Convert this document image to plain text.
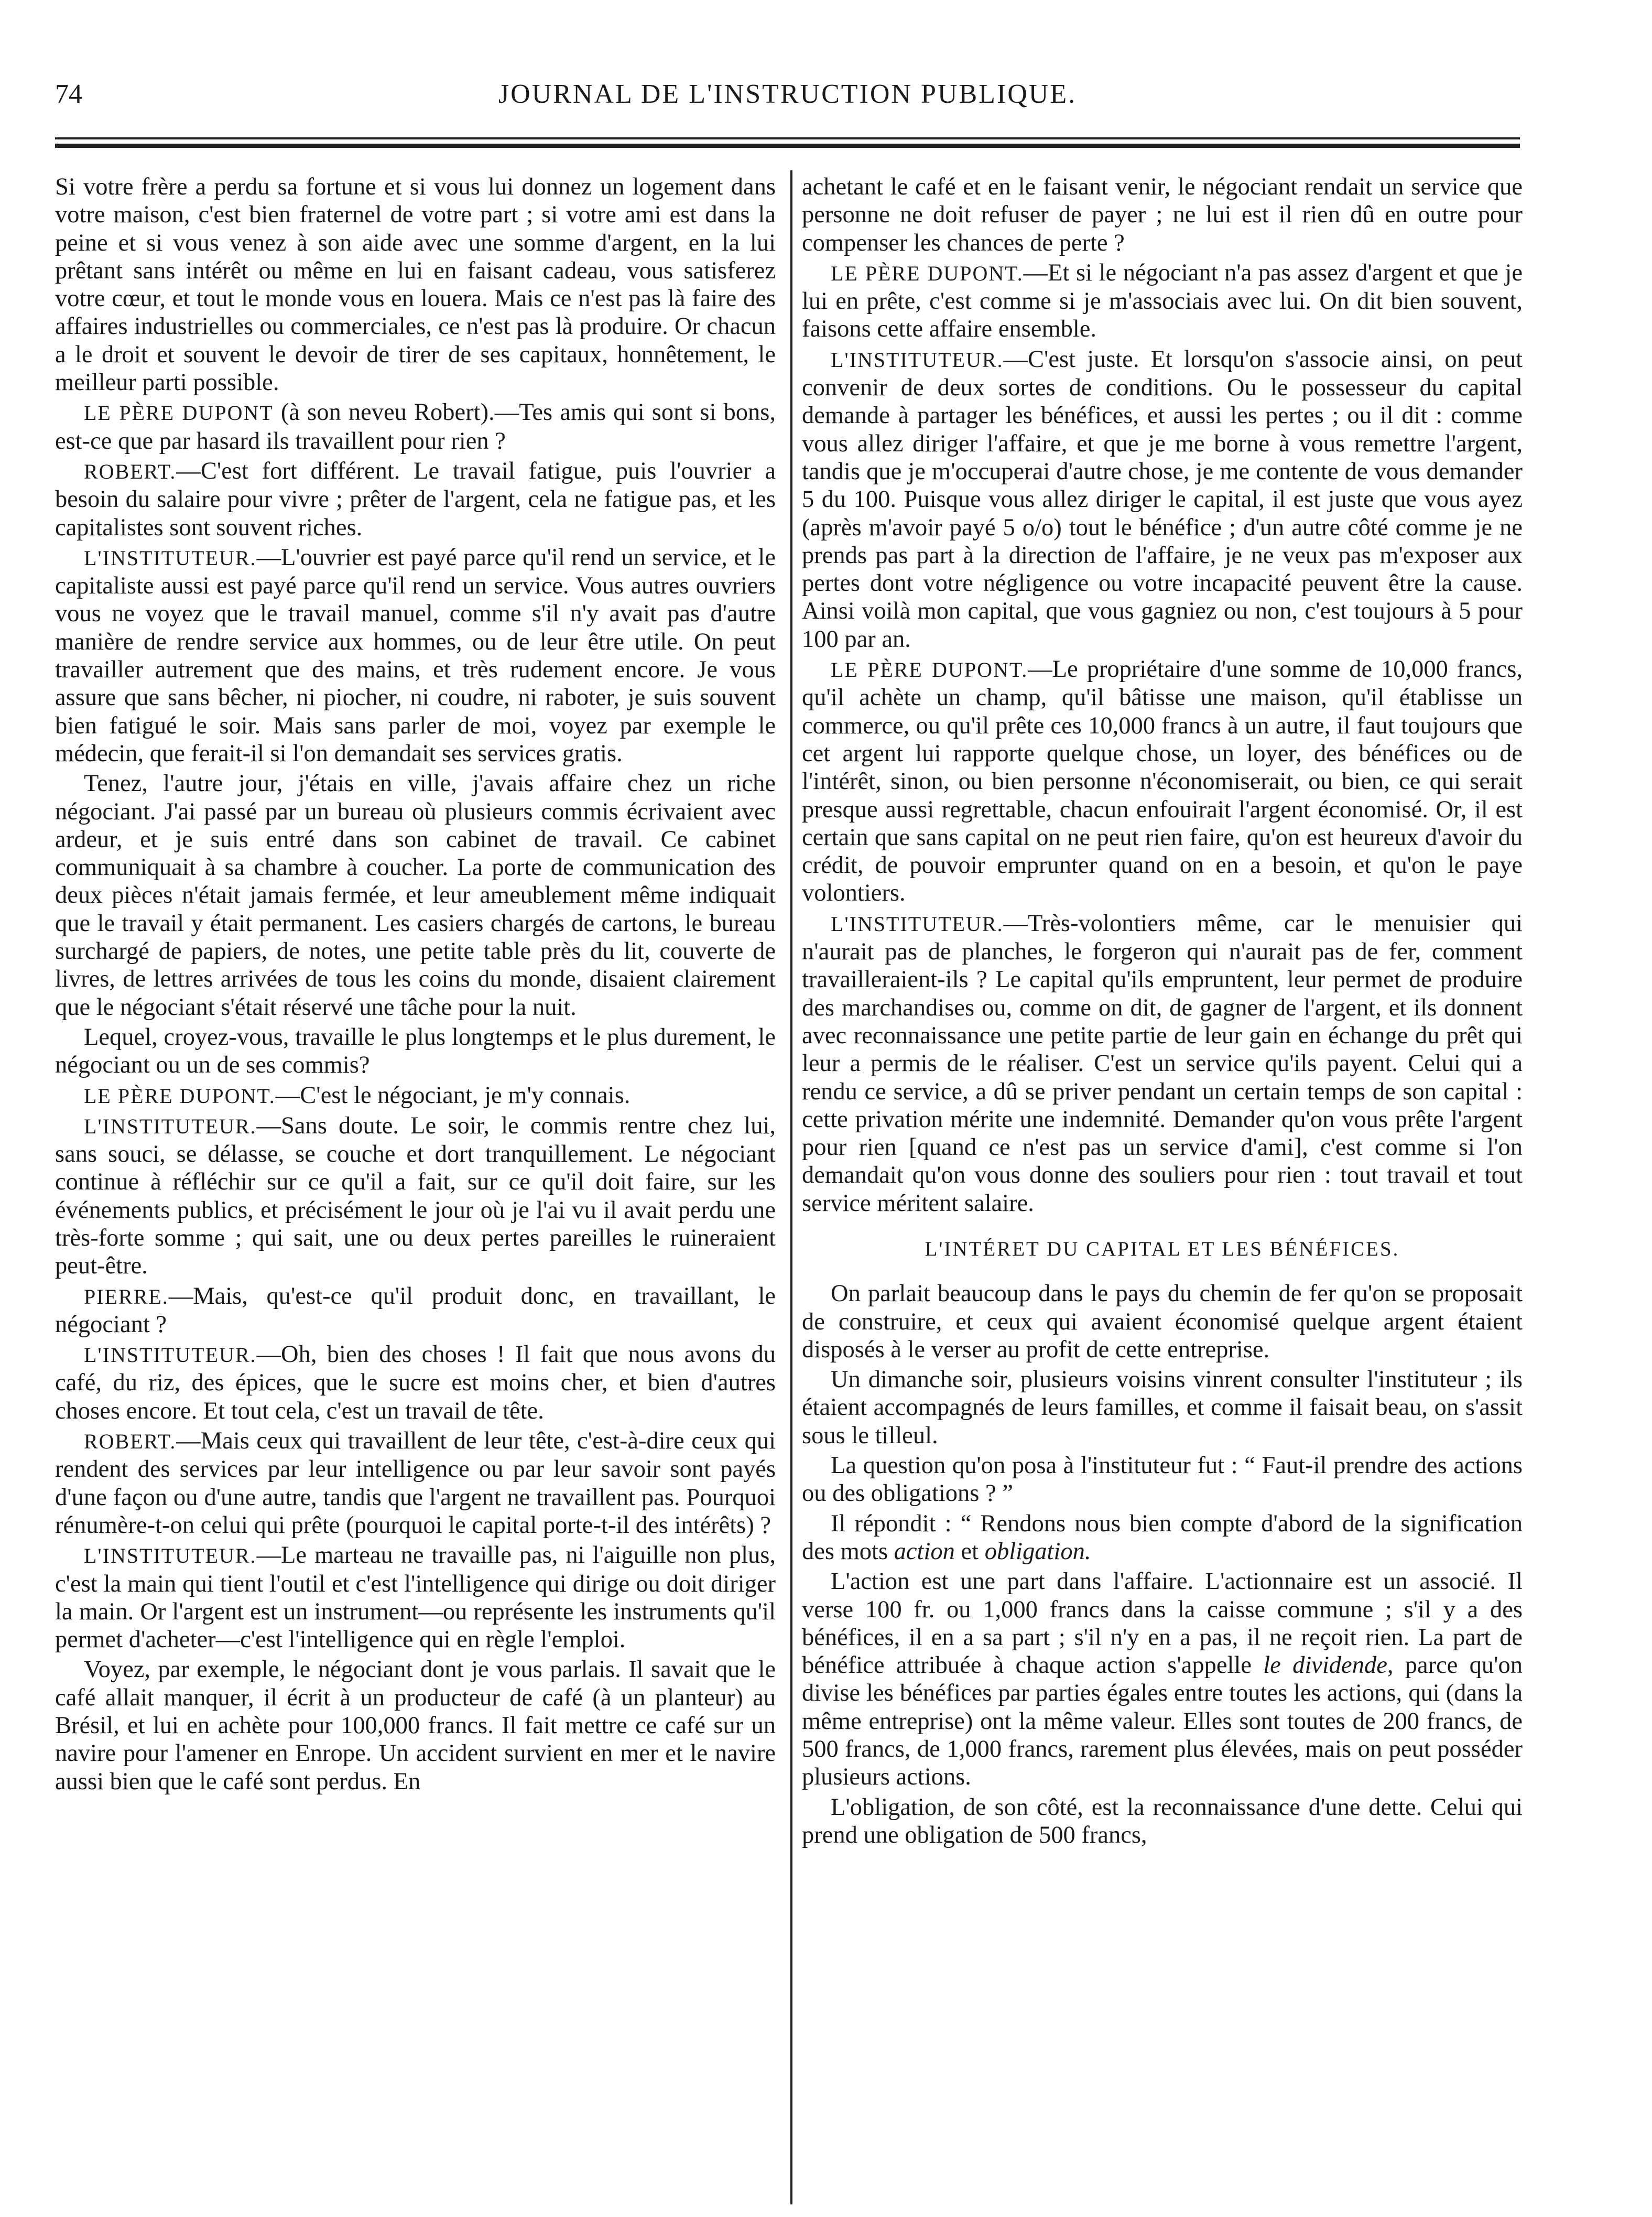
74	JOURNAL DE L'INSTRUCTION PUBLIQUE.

Si votre frère a perdu sa fortune et si vous lui donnez un logement dans votre maison, c'est bien fraternel de votre part ; si votre ami est dans la peine et si vous venez à son aide avec une somme d'argent, en la lui prêtant sans intérêt ou même en lui en faisant cadeau, vous satisferez votre cœur, et tout le monde vous en louera. Mais ce n'est pas là faire des affaires industrielles ou commerciales, ce n'est pas là produire. Or chacun a le droit et souvent le devoir de tirer de ses capitaux, honnêtement, le meilleur parti possible.

LE PÈRE DUPONT (à son neveu Robert).—Tes amis qui sont si bons, est-ce que par hasard ils travaillent pour rien ?

ROBERT.—C'est fort différent. Le travail fatigue, puis l'ouvrier a besoin du salaire pour vivre ; prêter de l'argent, cela ne fatigue pas, et les capitalistes sont souvent riches.

L'INSTITUTEUR.—L'ouvrier est payé parce qu'il rend un service, et le capitaliste aussi est payé parce qu'il rend un service. Vous autres ouvriers vous ne voyez que le travail manuel, comme s'il n'y avait pas d'autre manière de rendre service aux hommes, ou de leur être utile. On peut travailler autrement que des mains, et très rudement encore. Je vous assure que sans bêcher, ni piocher, ni coudre, ni raboter, je suis souvent bien fatigué le soir. Mais sans parler de moi, voyez par exemple le médecin, que ferait-il si l'on demandait ses services gratis.

Tenez, l'autre jour, j'étais en ville, j'avais affaire chez un riche négociant. J'ai passé par un bureau où plusieurs commis écrivaient avec ardeur, et je suis entré dans son cabinet de travail. Ce cabinet communiquait à sa chambre à coucher. La porte de communication des deux pièces n'était jamais fermée, et leur ameublement même indiquait que le travail y était permanent. Les casiers chargés de cartons, le bureau surchargé de papiers, de notes, une petite table près du lit, couverte de livres, de lettres arrivées de tous les coins du monde, disaient clairement que le négociant s'était réservé une tâche pour la nuit.

Lequel, croyez-vous, travaille le plus longtemps et le plus durement, le négociant ou un de ses commis?

LE PÈRE DUPONT.—C'est le négociant, je m'y connais.

L'INSTITUTEUR.—Sans doute. Le soir, le commis rentre chez lui, sans souci, se délasse, se couche et dort tranquillement. Le négociant continue à réfléchir sur ce qu'il a fait, sur ce qu'il doit faire, sur les événements publics, et précisément le jour où je l'ai vu il avait perdu une très-forte somme ; qui sait, une ou deux pertes pareilles le ruineraient peut-être.

PIERRE.—Mais, qu'est-ce qu'il produit donc, en travaillant, le négociant ?

L'INSTITUTEUR.—Oh, bien des choses ! Il fait que nous avons du café, du riz, des épices, que le sucre est moins cher, et bien d'autres choses encore. Et tout cela, c'est un travail de tête.

ROBERT.—Mais ceux qui travaillent de leur tête, c'est-à-dire ceux qui rendent des services par leur intelligence ou par leur savoir sont payés d'une façon ou d'une autre, tandis que l'argent ne travaillent pas. Pourquoi rénumère-t-on celui qui prête (pourquoi le capital porte-t-il des intérêts) ?

L'INSTITUTEUR.—Le marteau ne travaille pas, ni l'aiguille non plus, c'est la main qui tient l'outil et c'est l'intelligence qui dirige ou doit diriger la main. Or l'argent est un instrument—ou représente les instruments qu'il permet d'acheter—c'est l'intelligence qui en règle l'emploi.

Voyez, par exemple, le négociant dont je vous parlais. Il savait que le café allait manquer, il écrit à un producteur de café (à un planteur) au Brésil, et lui en achète pour 100,000 francs. Il fait mettre ce café sur un navire pour l'amener en Enrope. Un accident survient en mer et le navire aussi bien que le café sont perdus. En

achetant le café et en le faisant venir, le négociant rendait un service que personne ne doit refuser de payer ; ne lui est il rien dû en outre pour compenser les chances de perte ?

LE PÈRE DUPONT.—Et si le négociant n'a pas assez d'argent et que je lui en prête, c'est comme si je m'associais avec lui. On dit bien souvent, faisons cette affaire ensemble.

L'INSTITUTEUR.—C'est juste. Et lorsqu'on s'associe ainsi, on peut convenir de deux sortes de conditions. Ou le possesseur du capital demande à partager les bénéfices, et aussi les pertes ; ou il dit : comme vous allez diriger l'affaire, et que je me borne à vous remettre l'argent, tandis que je m'occuperai d'autre chose, je me contente de vous demander 5 du 100. Puisque vous allez diriger le capital, il est juste que vous ayez (après m'avoir payé 5 o/o) tout le bénéfice ; d'un autre côté comme je ne prends pas part à la direction de l'affaire, je ne veux pas m'exposer aux pertes dont votre négligence ou votre incapacité peuvent être la cause. Ainsi voilà mon capital, que vous gagniez ou non, c'est toujours à 5 pour 100 par an.

LE PÈRE DUPONT.—Le propriétaire d'une somme de 10,000 francs, qu'il achète un champ, qu'il bâtisse une maison, qu'il établisse un commerce, ou qu'il prête ces 10,000 francs à un autre, il faut toujours que cet argent lui rapporte quelque chose, un loyer, des bénéfices ou de l'intérêt, sinon, ou bien personne n'économiserait, ou bien, ce qui serait presque aussi regrettable, chacun enfouirait l'argent économisé. Or, il est certain que sans capital on ne peut rien faire, qu'on est heureux d'avoir du crédit, de pouvoir emprunter quand on en a besoin, et qu'on le paye volontiers.

L'INSTITUTEUR.—Très-volontiers même, car le menuisier qui n'aurait pas de planches, le forgeron qui n'aurait pas de fer, comment travailleraient-ils ? Le capital qu'ils empruntent, leur permet de produire des marchandises ou, comme on dit, de gagner de l'argent, et ils donnent avec reconnaissance une petite partie de leur gain en échange du prêt qui leur a permis de le réaliser. C'est un service qu'ils payent. Celui qui a rendu ce service, a dû se priver pendant un certain temps de son capital : cette privation mérite une indemnité. Demander qu'on vous prête l'argent pour rien [quand ce n'est pas un service d'ami], c'est comme si l'on demandait qu'on vous donne des souliers pour rien : tout travail et tout service méritent salaire.

L'INTÉRET DU CAPITAL ET LES BÉNÉFICES.

On parlait beaucoup dans le pays du chemin de fer qu'on se proposait de construire, et ceux qui avaient économisé quelque argent étaient disposés à le verser au profit de cette entreprise.

Un dimanche soir, plusieurs voisins vinrent consulter l'instituteur ; ils étaient accompagnés de leurs familles, et comme il faisait beau, on s'assit sous le tilleul.

La question qu'on posa à l'instituteur fut : “ Faut-il prendre des actions ou des obligations ? ”

Il répondit : “ Rendons nous bien compte d'abord de la signification des mots action et obligation.

L'action est une part dans l'affaire. L'actionnaire est un associé. Il verse 100 fr. ou 1,000 francs dans la caisse commune ; s'il y a des bénéfices, il en a sa part ; s'il n'y en a pas, il ne reçoit rien. La part de bénéfice attribuée à chaque action s'appelle le dividende, parce qu'on divise les bénéfices par parties égales entre toutes les actions, qui (dans la même entreprise) ont la même valeur. Elles sont toutes de 200 francs, de 500 francs, de 1,000 francs, rarement plus élevées, mais on peut posséder plusieurs actions.

L'obligation, de son côté, est la reconnaissance d'une dette. Celui qui prend une obligation de 500 francs,
